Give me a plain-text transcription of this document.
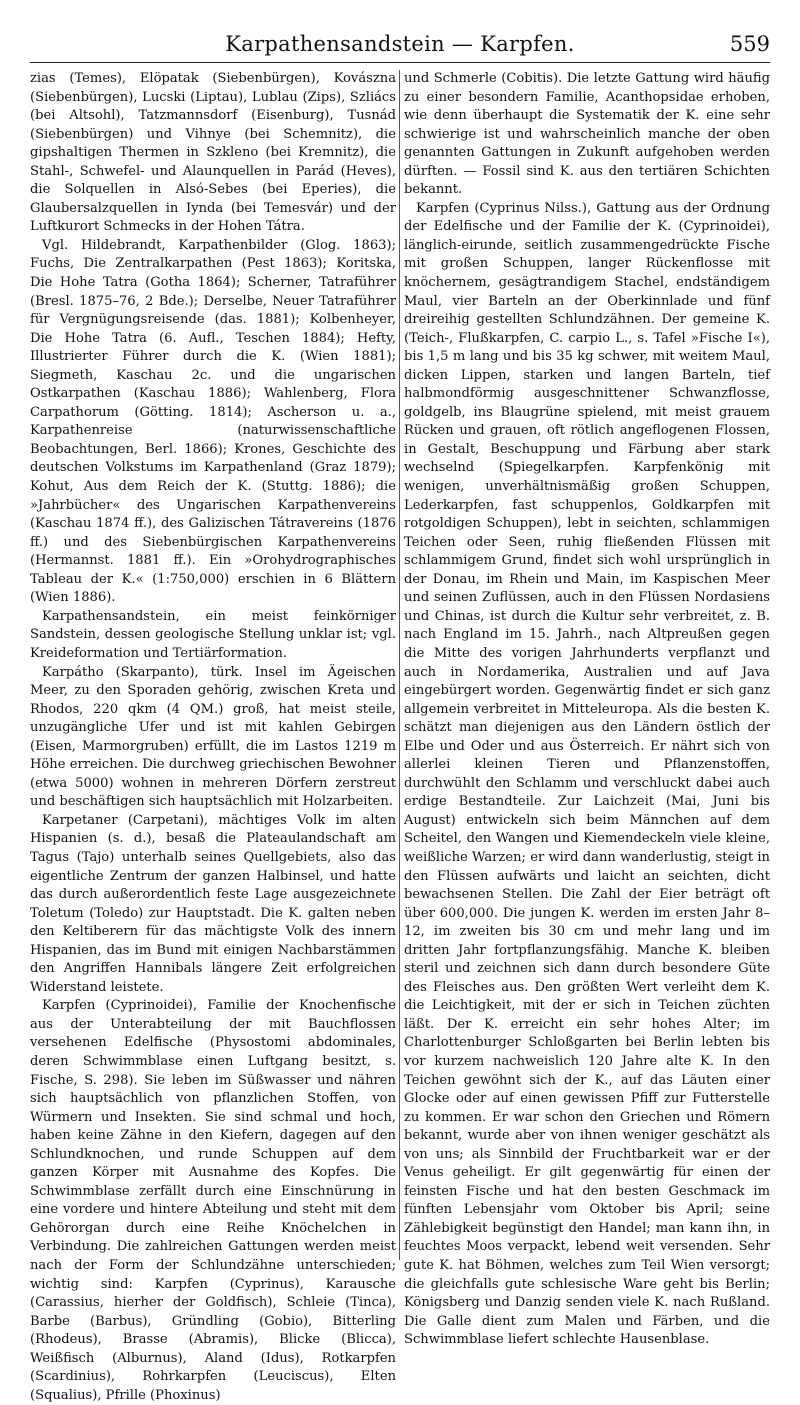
Karpathensandstein — Karpfen.	559

zias (Temes), Elöpatak (Siebenbürgen), Kovászna (Siebenbürgen), Lucski (Liptau), Lublau (Zips), Szliács (bei Altsohl), Tatzmannsdorf (Eisenburg), Tusnád (Siebenbürgen) und Vihnye (bei Schemnitz), die gipshaltigen Thermen in Szkleno (bei Kremnitz), die Stahl-, Schwefel- und Alaunquellen in Parád (Heves), die Solquellen in Alsó-Sebes (bei Eperies), die Glaubersalzquellen in Iynda (bei Temesvár) und der Luftkurort Schmecks in der Hohen Tátra.

Vgl. Hildebrandt, Karpathenbilder (Glog. 1863); Fuchs, Die Zentralkarpathen (Pest 1863); Koritska, Die Hohe Tatra (Gotha 1864); Scherner, Tatraführer (Bresl. 1875–76, 2 Bde.); Derselbe, Neuer Tatraführer für Vergnügungsreisende (das. 1881); Kolbenheyer, Die Hohe Tatra (6. Aufl., Teschen 1884); Hefty, Illustrierter Führer durch die K. (Wien 1881); Siegmeth, Kaschau 2c. und die ungarischen Ostkarpathen (Kaschau 1886); Wahlenberg, Flora Carpathorum (Götting. 1814); Ascherson u. a., Karpathenreise (naturwissenschaftliche Beobachtungen, Berl. 1866); Krones, Geschichte des deutschen Volkstums im Karpathenland (Graz 1879); Kohut, Aus dem Reich der K. (Stuttg. 1886); die »Jahrbücher« des Ungarischen Karpathenvereins (Kaschau 1874 ff.), des Galizischen Tátravereins (1876 ff.) und des Siebenbürgischen Karpathenvereins (Hermannst. 1881 ff.). Ein »Orohydrographisches Tableau der K.« (1:750,000) erschien in 6 Blättern (Wien 1886).

Karpathensandstein, ein meist feinkörniger Sandstein, dessen geologische Stellung unklar ist; vgl. Kreideformation und Tertiärformation.

Karpátho (Skarpanto), türk. Insel im Ägeischen Meer, zu den Sporaden gehörig, zwischen Kreta und Rhodos, 220 qkm (4 QM.) groß, hat meist steile, unzugängliche Ufer und ist mit kahlen Gebirgen (Eisen, Marmorgruben) erfüllt, die im Lastos 1219 m Höhe erreichen. Die durchweg griechischen Bewohner (etwa 5000) wohnen in mehreren Dörfern zerstreut und beschäftigen sich hauptsächlich mit Holzarbeiten.

Karpetaner (Carpetani), mächtiges Volk im alten Hispanien (s. d.), besaß die Plateaulandschaft am Tagus (Tajo) unterhalb seines Quellgebiets, also das eigentliche Zentrum der ganzen Halbinsel, und hatte das durch außerordentlich feste Lage ausgezeichnete Toletum (Toledo) zur Hauptstadt. Die K. galten neben den Keltiberern für das mächtigste Volk des innern Hispanien, das im Bund mit einigen Nachbarstämmen den Angriffen Hannibals längere Zeit erfolgreichen Widerstand leistete.

Karpfen (Cyprinoidei), Familie der Knochenfische aus der Unterabteilung der mit Bauchflossen versehenen Edelfische (Physostomi abdominales, deren Schwimmblase einen Luftgang besitzt, s. Fische, S. 298). Sie leben im Süßwasser und nähren sich hauptsächlich von pflanzlichen Stoffen, von Würmern und Insekten. Sie sind schmal und hoch, haben keine Zähne in den Kiefern, dagegen auf den Schlundknochen, und runde Schuppen auf dem ganzen Körper mit Ausnahme des Kopfes. Die Schwimmblase zerfällt durch eine Einschnürung in eine vordere und hintere Abteilung und steht mit dem Gehörorgan durch eine Reihe Knöchelchen in Verbindung. Die zahlreichen Gattungen werden meist nach der Form der Schlundzähne unterschieden; wichtig sind: Karpfen (Cyprinus), Karausche (Carassius, hierher der Goldfisch), Schleie (Tinca), Barbe (Barbus), Gründling (Gobio), Bitterling (Rhodeus), Brasse (Abramis), Blicke (Blicca), Weißfisch (Alburnus), Aland (Idus), Rotkarpfen (Scardinius), Rohrkarpfen (Leuciscus), Elten (Squalius), Pfrille (Phoxinus)

und Schmerle (Cobitis). Die letzte Gattung wird häufig zu einer besondern Familie, Acanthopsidae erhoben, wie denn überhaupt die Systematik der K. eine sehr schwierige ist und wahrscheinlich manche der oben genannten Gattungen in Zukunft aufgehoben werden dürften. — Fossil sind K. aus den tertiären Schichten bekannt.

Karpfen (Cyprinus Nilss.), Gattung aus der Ordnung der Edelfische und der Familie der K. (Cyprinoidei), länglich-eirunde, seitlich zusammengedrückte Fische mit großen Schuppen, langer Rückenflosse mit knöchernem, gesägtrandigem Stachel, endständigem Maul, vier Barteln an der Oberkinnlade und fünf dreireihig gestellten Schlundzähnen. Der gemeine K. (Teich-, Flußkarpfen, C. carpio L., s. Tafel »Fische I«), bis 1,5 m lang und bis 35 kg schwer, mit weitem Maul, dicken Lippen, starken und langen Barteln, tief halbmondförmig ausgeschnittener Schwanzflosse, goldgelb, ins Blaugrüne spielend, mit meist grauem Rücken und grauen, oft rötlich angeflogenen Flossen, in Gestalt, Beschuppung und Färbung aber stark wechselnd (Spiegelkarpfen. Karpfenkönig mit wenigen, unverhältnismäßig großen Schuppen, Lederkarpfen, fast schuppenlos, Goldkarpfen mit rotgoldigen Schuppen), lebt in seichten, schlammigen Teichen oder Seen, ruhig fließenden Flüssen mit schlammigem Grund, findet sich wohl ursprünglich in der Donau, im Rhein und Main, im Kaspischen Meer und seinen Zuflüssen, auch in den Flüssen Nordasiens und Chinas, ist durch die Kultur sehr verbreitet, z. B. nach England im 15. Jahrh., nach Altpreußen gegen die Mitte des vorigen Jahrhunderts verpflanzt und auch in Nordamerika, Australien und auf Java eingebürgert worden. Gegenwärtig findet er sich ganz allgemein verbreitet in Mitteleuropa. Als die besten K. schätzt man diejenigen aus den Ländern östlich der Elbe und Oder und aus Österreich. Er nährt sich von allerlei kleinen Tieren und Pflanzenstoffen, durchwühlt den Schlamm und verschluckt dabei auch erdige Bestandteile. Zur Laichzeit (Mai, Juni bis August) entwickeln sich beim Männchen auf dem Scheitel, den Wangen und Kiemendeckeln viele kleine, weißliche Warzen; er wird dann wanderlustig, steigt in den Flüssen aufwärts und laicht an seichten, dicht bewachsenen Stellen. Die Zahl der Eier beträgt oft über 600,000. Die jungen K. werden im ersten Jahr 8–12, im zweiten bis 30 cm und mehr lang und im dritten Jahr fortpflanzungsfähig. Manche K. bleiben steril und zeichnen sich dann durch besondere Güte des Fleisches aus. Den größten Wert verleiht dem K. die Leichtigkeit, mit der er sich in Teichen züchten läßt. Der K. erreicht ein sehr hohes Alter; im Charlottenburger Schloßgarten bei Berlin lebten bis vor kurzem nachweislich 120 Jahre alte K. In den Teichen gewöhnt sich der K., auf das Läuten einer Glocke oder auf einen gewissen Pfiff zur Futterstelle zu kommen. Er war schon den Griechen und Römern bekannt, wurde aber von ihnen weniger geschätzt als von uns; als Sinnbild der Fruchtbarkeit war er der Venus geheiligt. Er gilt gegenwärtig für einen der feinsten Fische und hat den besten Geschmack im fünften Lebensjahr vom Oktober bis April; seine Zählebigkeit begünstigt den Handel; man kann ihn, in feuchtes Moos verpackt, lebend weit versenden. Sehr gute K. hat Böhmen, welches zum Teil Wien versorgt; die gleichfalls gute schlesische Ware geht bis Berlin; Königsberg und Danzig senden viele K. nach Rußland. Die Galle dient zum Malen und Färben, und die Schwimmblase liefert schlechte Hausenblase.
